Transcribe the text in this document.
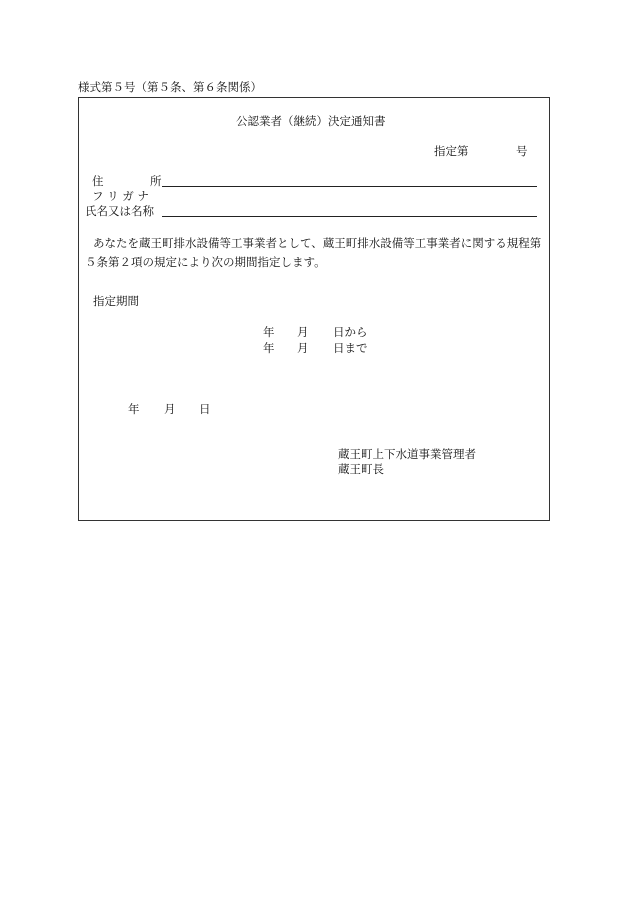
様式第５号（第５条、第６条関係）
公認業者（継続）決定通知書
指定第	号
住	所
フ リ ガ ナ
氏名又は名称
あなたを蔵王町排水設備等工事業者として、蔵王町排水設備等工事業者に関する規程第
５条第２項の規定により次の期間指定します。
指定期間
年 月 日から
年 月 日まで
年 月 日
蔵王町上下水道事業管理者
蔵王町長
